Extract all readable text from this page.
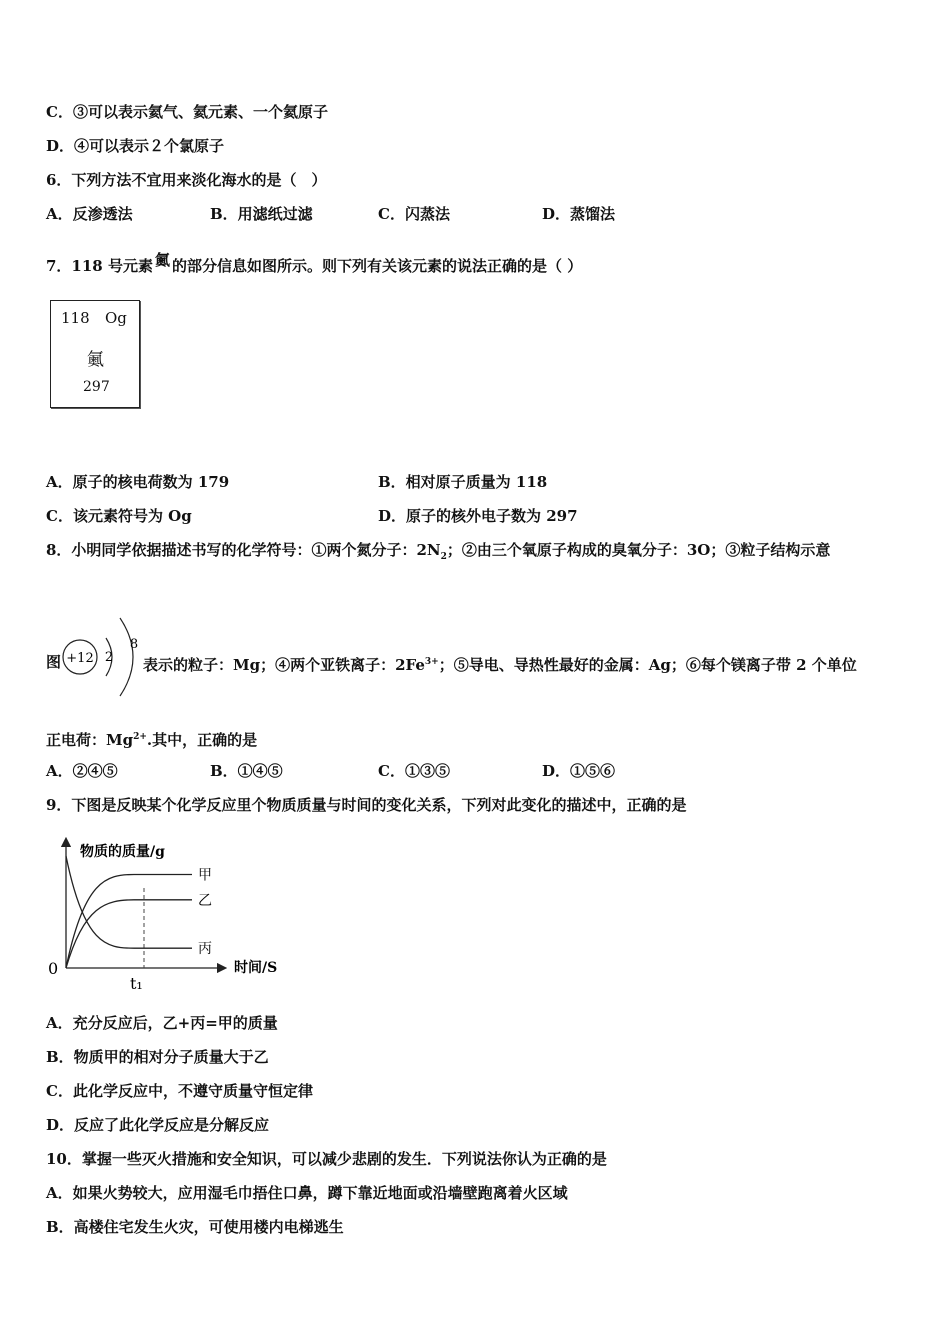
C．③可以表示氦气、氦元素、一个氦原子
D．④可以表示２个氯原子
6．下列方法不宜用来淡化海水的是（　）
A．反渗透法	B．用滤纸过滤	C．闪蒸法	D．蒸馏法
7．118 号元素 鿫 的部分信息如图所示。则下列有关该元素的说法正确的是（ ）
118 Og
鿫
297
A．原子的核电荷数为 179	B．相对原子质量为 118
C．该元素符号为 Og	D．原子的核外电子数为 297
8．小明同学依据描述书写的化学符号：①两个氮分子：$2N_2$；②由三个氧原子构成的臭氧分子：3O；③粒子结构示意
图 +12 2
8
表示的粒子：Mg；④两个亚铁离子：$2Fe^{3+}$；⑤导电、导热性最好的金属：Ag；⑥每个镁离子带 2 个单位
正电荷：$Mg^{2+}$.其中，正确的是
A．②④⑤	B．①④⑤	C．①③⑤	D．①⑤⑥
9．下图是反映某个化学反应里个物质质量与时间的变化关系，下列对此变化的描述中，正确的是
物质的质量/g
时间/S
0
t₁
甲
乙
丙
A．充分反应后，乙+丙=甲的质量
B．物质甲的相对分子质量大于乙
C．此化学反应中，不遵守质量守恒定律
D．反应了此化学反应是分解反应
10．掌握一些灭火措施和安全知识，可以减少悲剧的发生．下列说法你认为正确的是
A．如果火势较大，应用湿毛巾捂住口鼻，蹲下靠近地面或沿墙壁跑离着火区域
B．高楼住宅发生火灾，可使用楼内电梯逃生
